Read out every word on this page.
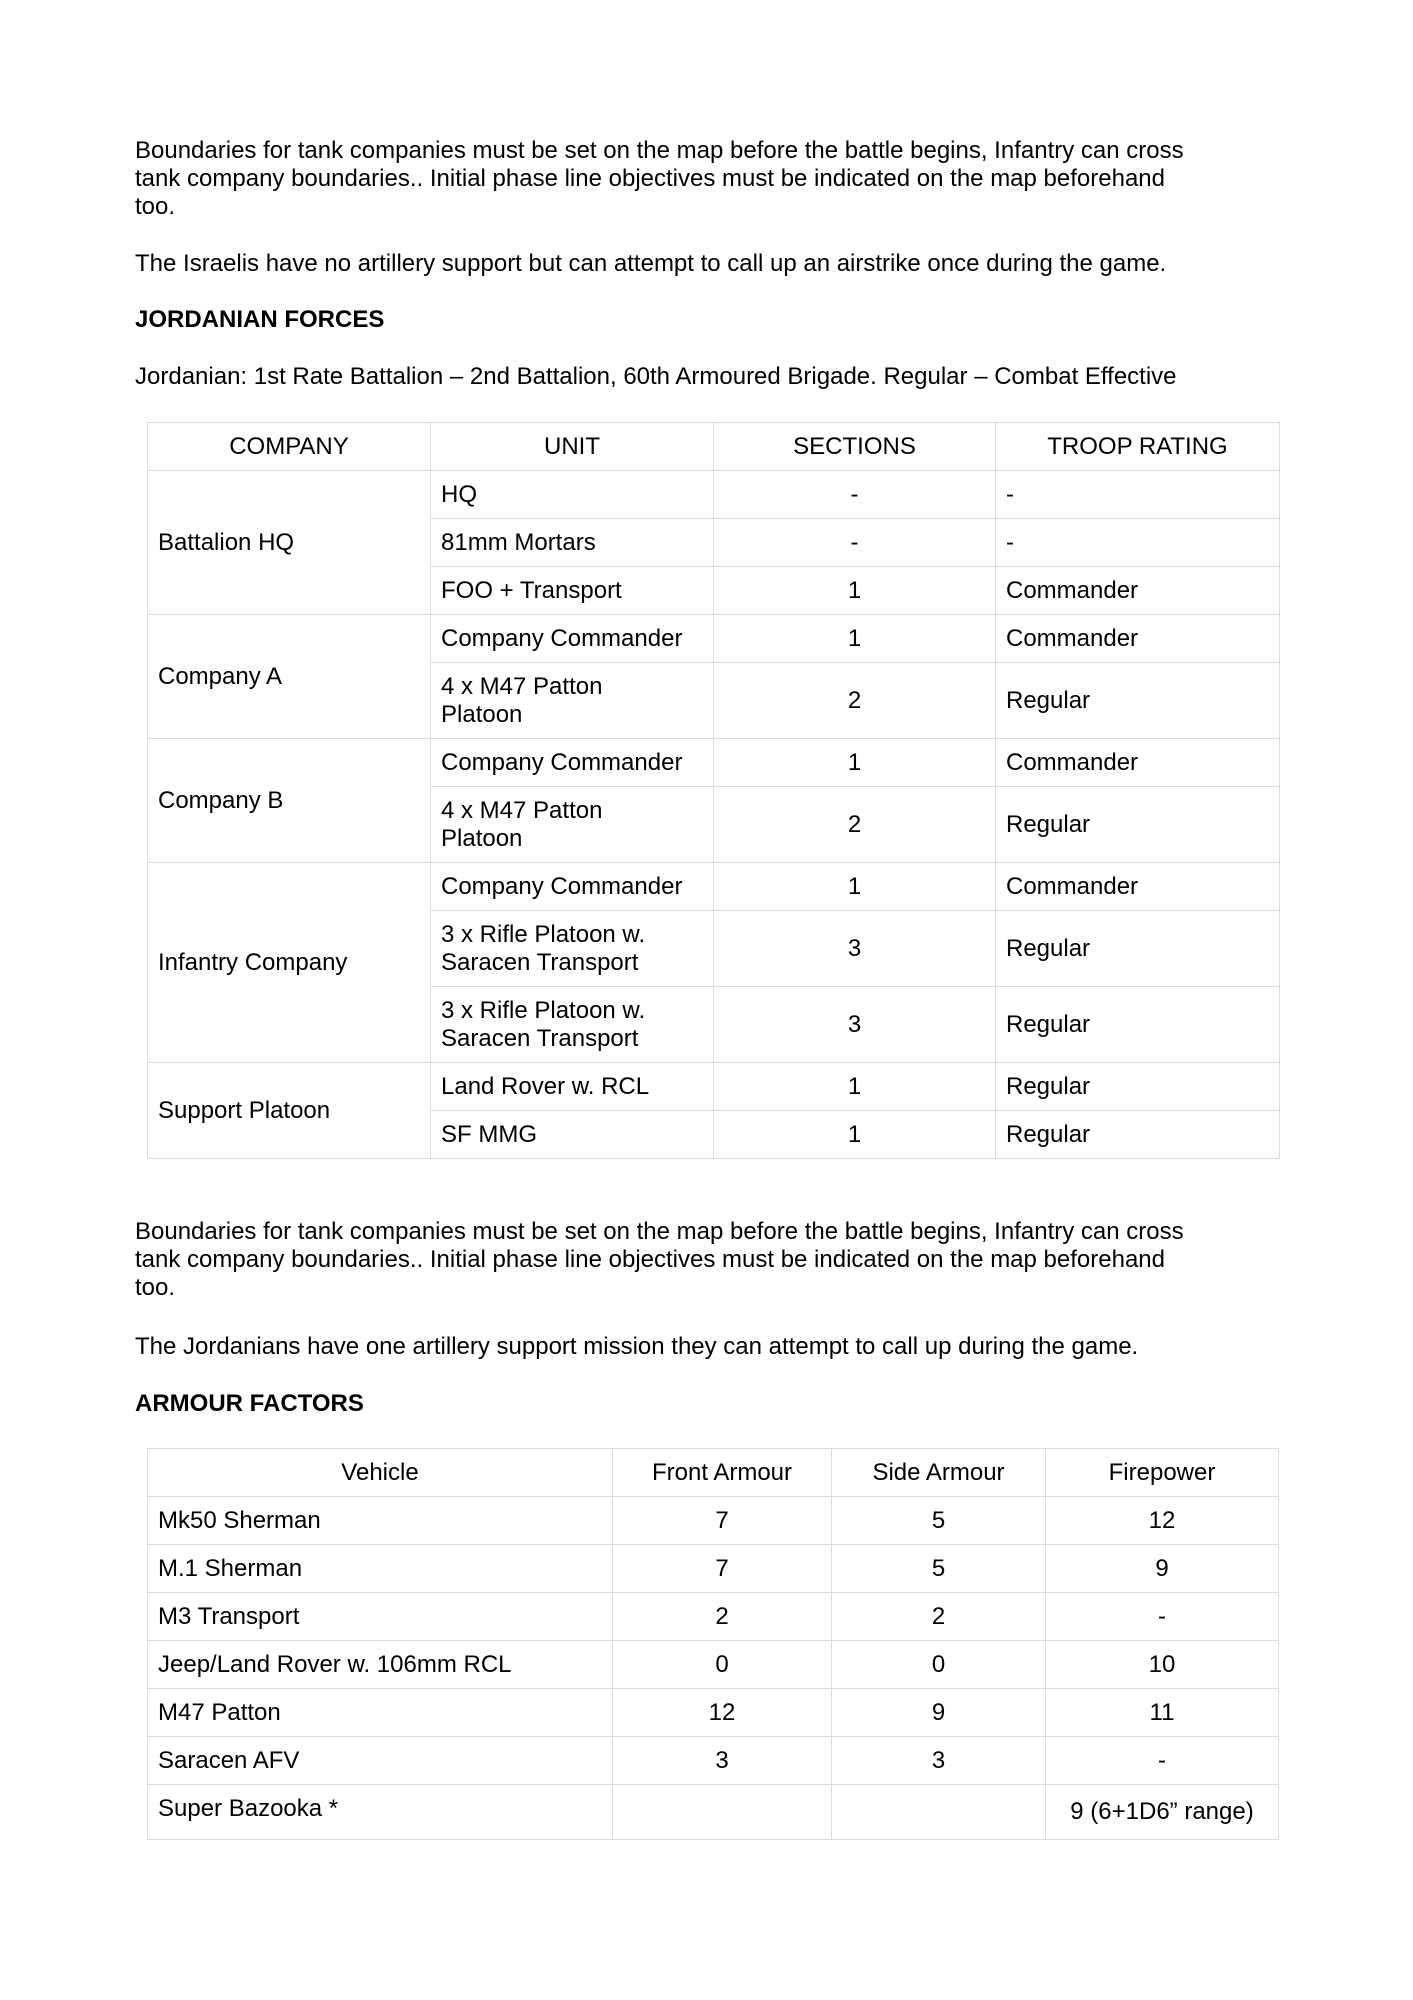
Boundaries for tank companies must be set on the map before the battle begins, Infantry can cross

tank company boundaries.. Initial phase line objectives must be indicated on the map beforehand

too.

The Israelis have no artillery support but can attempt to call up an airstrike once during the game.

JORDANIAN FORCES

Jordanian: 1st Rate Battalion – 2nd Battalion, 60th Armoured Brigade. Regular – Combat Effective

COMPANY	UNIT	SECTIONS	TROOP RATING
Battalion HQ	HQ	-	-
	81mm Mortars	-	-
	FOO + Transport	1	Commander
Company A	Company Commander	1	Commander
	4 x M47 Patton Platoon	2	Regular
Company B	Company Commander	1	Commander
	4 x M47 Patton Platoon	2	Regular
Infantry Company	Company Commander	1	Commander
	3 x Rifle Platoon w. Saracen Transport	3	Regular
	3 x Rifle Platoon w. Saracen Transport	3	Regular
Support Platoon	Land Rover w. RCL	1	Regular
	SF MMG	1	Regular

Boundaries for tank companies must be set on the map before the battle begins, Infantry can cross

tank company boundaries.. Initial phase line objectives must be indicated on the map beforehand

too.

The Jordanians have one artillery support mission they can attempt to call up during the game.

ARMOUR FACTORS

Vehicle	Front Armour	Side Armour	Firepower
Mk50 Sherman	7	5	12
M.1 Sherman	7	5	9
M3 Transport	2	2	-
Jeep/Land Rover w. 106mm RCL	0	0	10
M47 Patton	12	9	11
Saracen AFV	3	3	-
Super Bazooka *			9 (6+1D6” range)
